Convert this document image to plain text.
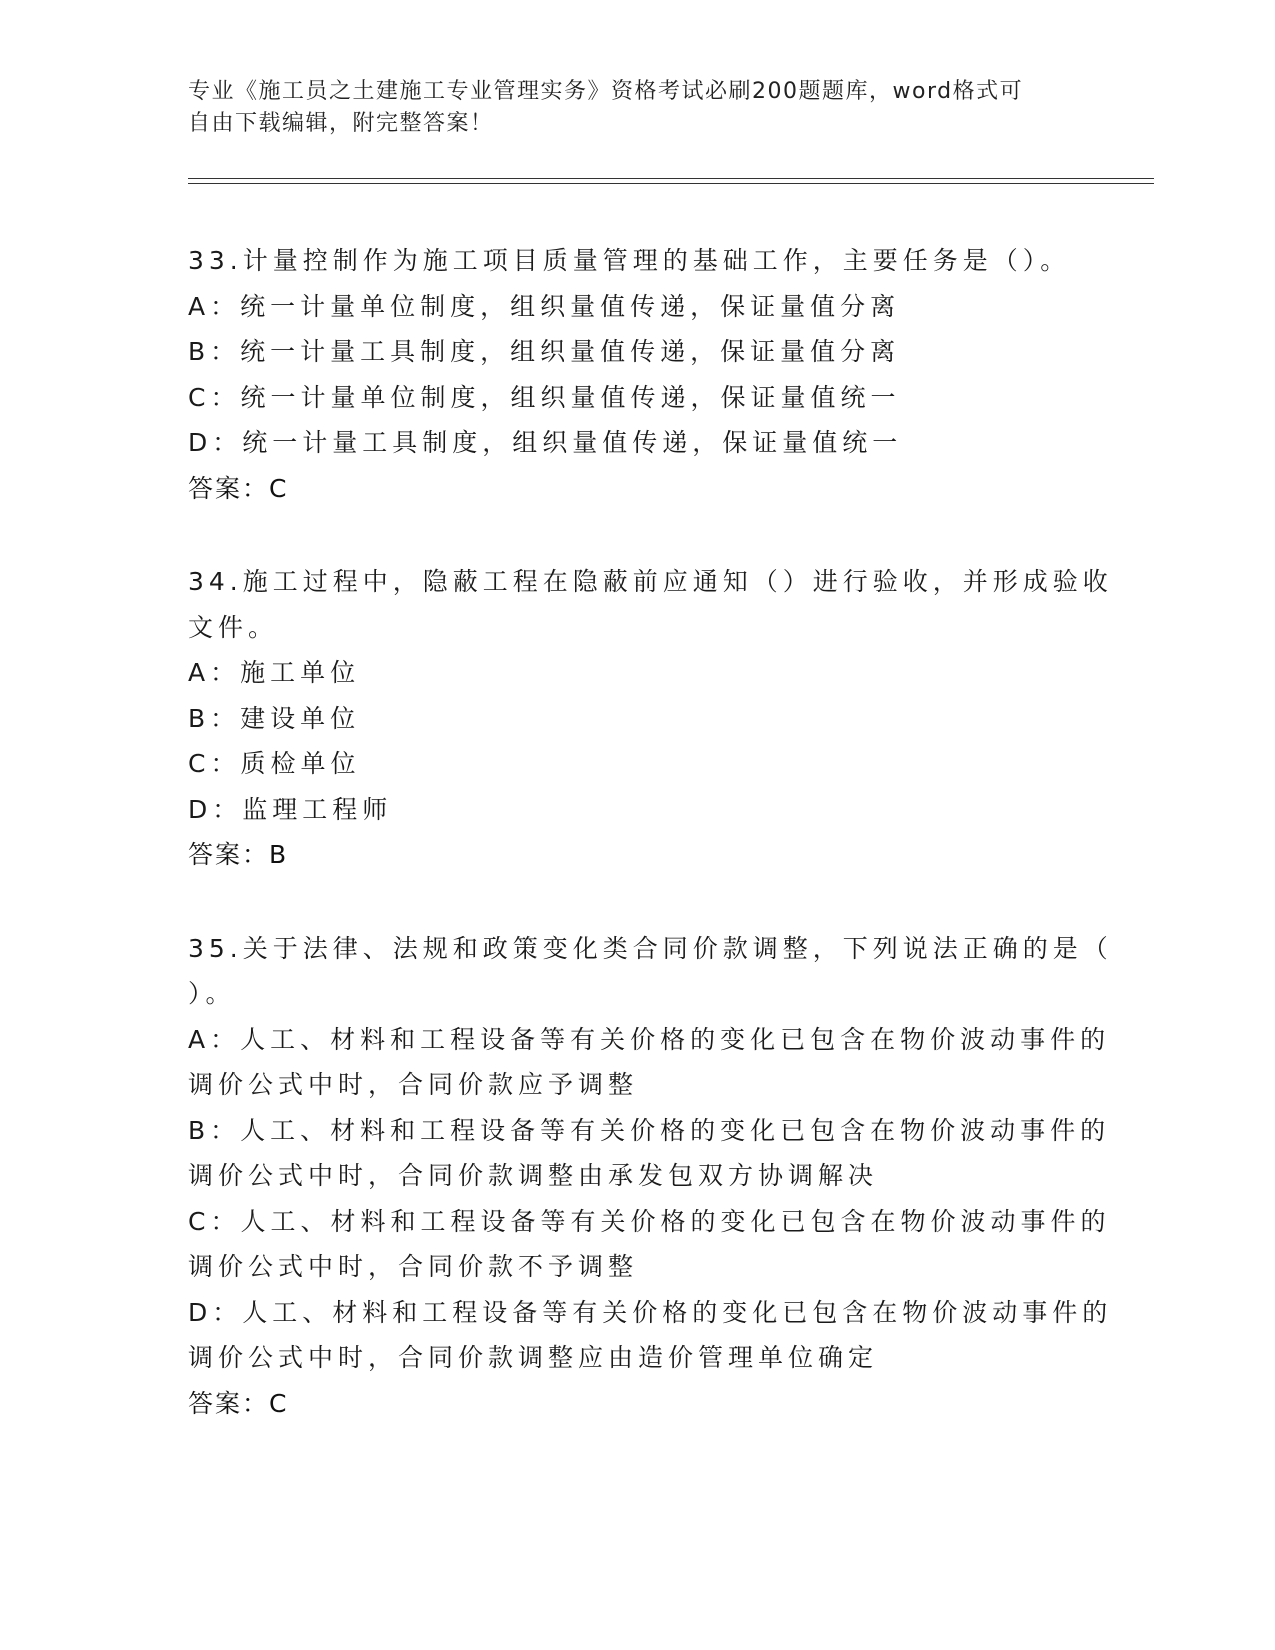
专业《施工员之土建施工专业管理实务》资格考试必刷200题题库，word格式可
自由下载编辑，附完整答案！
33.计量控制作为施工项目质量管理的基础工作，主要任务是（）。
A：统一计量单位制度，组织量值传递，保证量值分离
B：统一计量工具制度，组织量值传递，保证量值分离
C：统一计量单位制度，组织量值传递，保证量值统一
D：统一计量工具制度，组织量值传递，保证量值统一
答案：C
34.施工过程中，隐蔽工程在隐蔽前应通知（）进行验收，并形成验收
文件。
A：施工单位
B：建设单位
C：质检单位
D：监理工程师
答案：B
35.关于法律、法规和政策变化类合同价款调整，下列说法正确的是（
）。
A：人工、材料和工程设备等有关价格的变化已包含在物价波动事件的
调价公式中时，合同价款应予调整
B：人工、材料和工程设备等有关价格的变化已包含在物价波动事件的
调价公式中时，合同价款调整由承发包双方协调解决
C：人工、材料和工程设备等有关价格的变化已包含在物价波动事件的
调价公式中时，合同价款不予调整
D：人工、材料和工程设备等有关价格的变化已包含在物价波动事件的
调价公式中时，合同价款调整应由造价管理单位确定
答案：C
